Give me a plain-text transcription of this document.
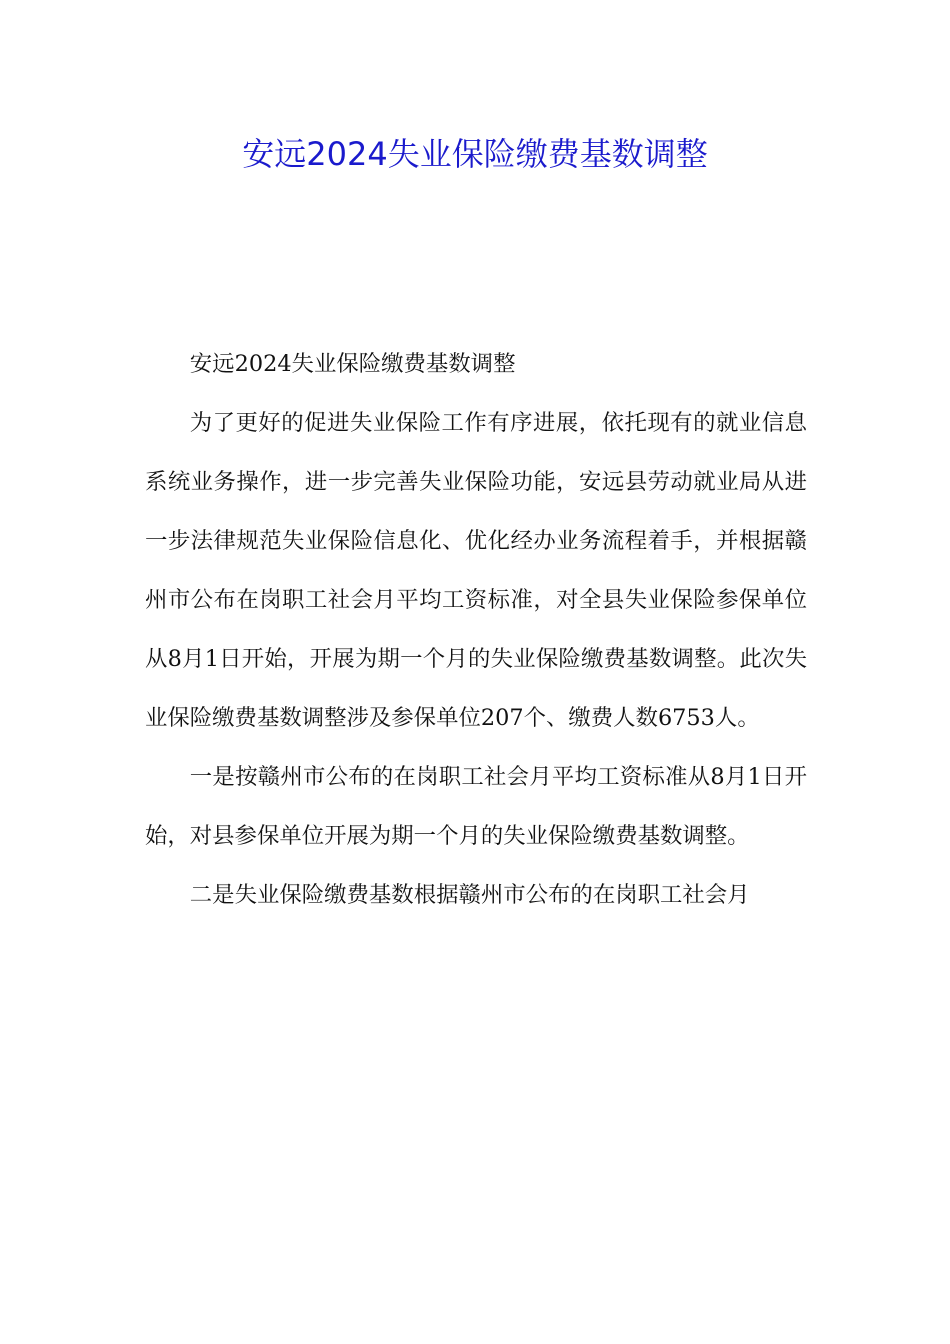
安远2024失业保险缴费基数调整

安远2024失业保险缴费基数调整

为了更好的促进失业保险工作有序进展，依托现有的就业信息系统业务操作，进一步完善失业保险功能，安远县劳动就业局从进一步法律规范失业保险信息化、优化经办业务流程着手，并根据赣州市公布在岗职工社会月平均工资标准，对全县失业保险参保单位从8月1日开始，开展为期一个月的失业保险缴费基数调整。此次失业保险缴费基数调整涉及参保单位207个、缴费人数6753人。

一是按赣州市公布的在岗职工社会月平均工资标准从8月1日开始，对县参保单位开展为期一个月的失业保险缴费基数调整。

二是失业保险缴费基数根据赣州市公布的在岗职工社会月
